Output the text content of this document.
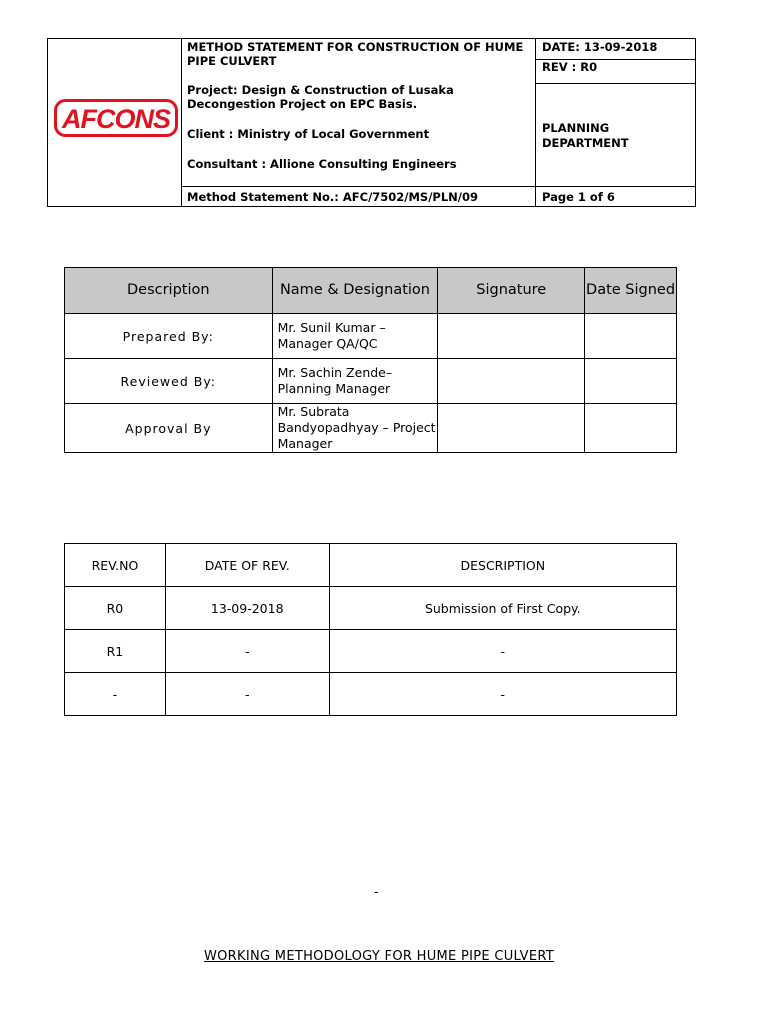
AFCONS
METHOD STATEMENT FOR CONSTRUCTION OF HUME PIPE CULVERT
Project: Design & Construction of Lusaka Decongestion Project on EPC Basis.
Client : Ministry of Local Government
Consultant : Allione Consulting Engineers
DATE: 13-09-2018
REV : R0
PLANNING
DEPARTMENT
Method Statement No.: AFC/7502/MS/PLN/09	Page 1 of 6
Description	Name & Designation	Signature	Date Signed
Prepared By:	Mr. Sunil Kumar – Manager QA/QC		
Reviewed By:	Mr. Sachin Zende– Planning Manager		
Approval By	Mr. Subrata Bandyopadhyay – Project Manager		
REV.NO	DATE OF REV.	DESCRIPTION
R0	13-09-2018	Submission of First Copy.
R1	-	-
-	-	-
-
WORKING METHODOLOGY FOR HUME PIPE CULVERT
